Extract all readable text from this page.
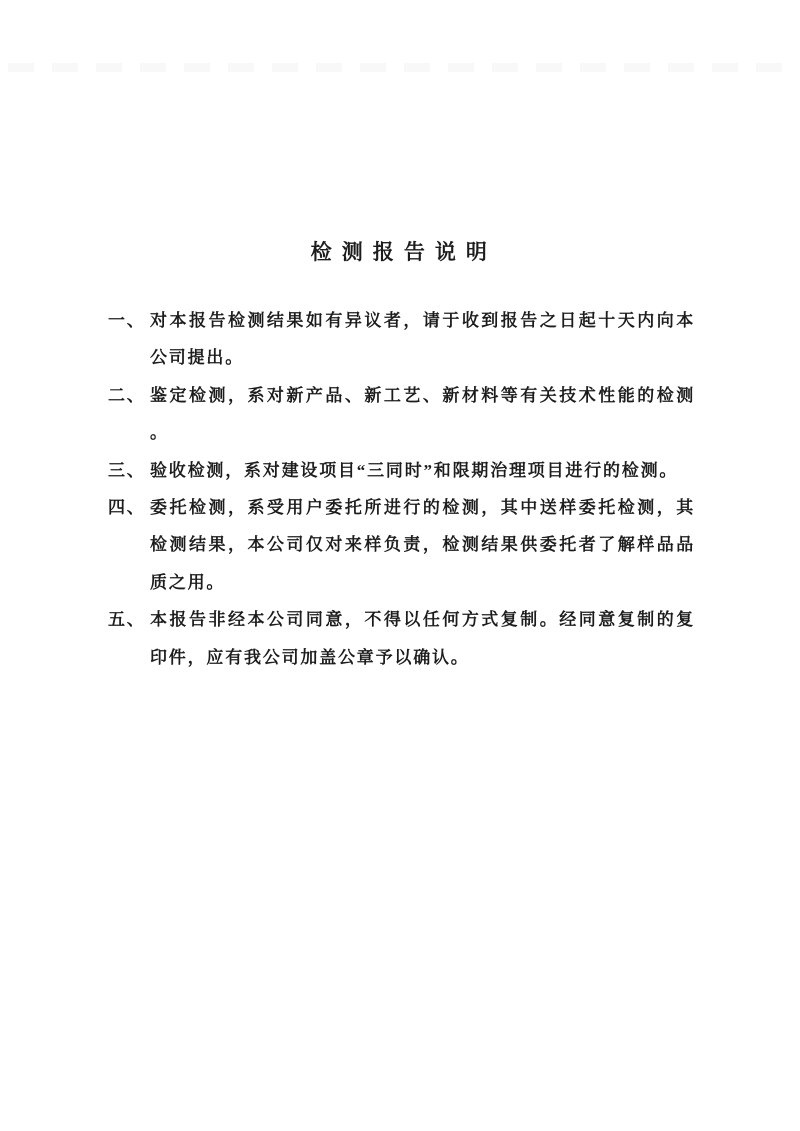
检 测 报 告 说 明
一、 对本报告检测结果如有异议者，请于收到报告之日起十天内向本公司提出。
二、 鉴定检测，系对新产品、新工艺、新材料等有关技术性能的检测。
三、 验收检测，系对建设项目“三同时”和限期治理项目进行的检测。
四、 委托检测，系受用户委托所进行的检测，其中送样委托检测，其检测结果，本公司仅对来样负责，检测结果供委托者了解样品品质之用。
五、 本报告非经本公司同意，不得以任何方式复制。经同意复制的复印件，应有我公司加盖公章予以确认。
